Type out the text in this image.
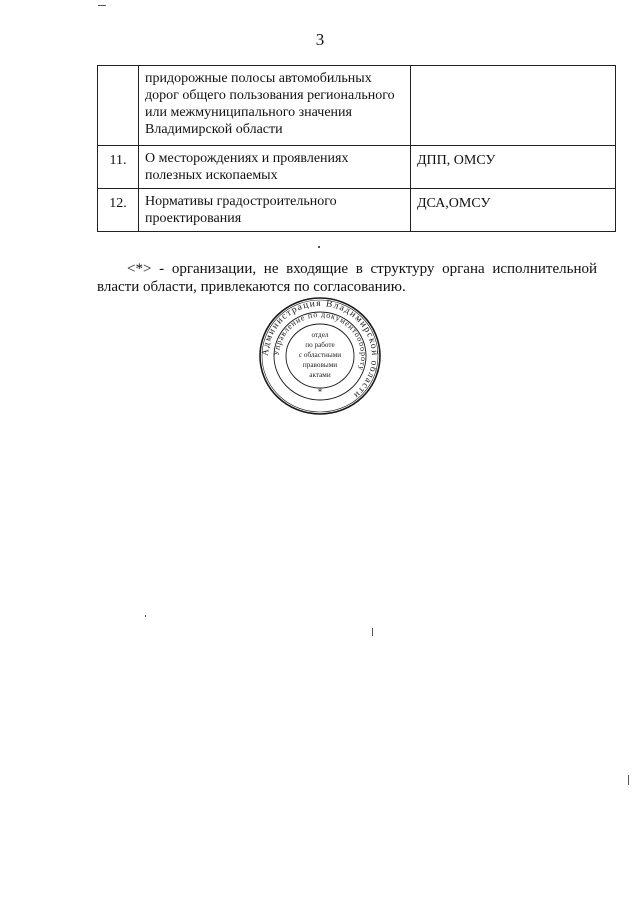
3
	придорожные полосы автомобильных дорог общего пользования регионального или межмуниципального значения Владимирской области	
11.	О месторождениях и проявлениях полезных ископаемых	ДПП, ОМСУ
12.	Нормативы градостроительного проектирования	ДСА,ОМСУ
<*> - организации, не входящие в структуру органа исполнительной власти области, привлекаются по согласованию.
Администрация Владимирской области
Управление по документообороту
отдел
по работе
с областными
правовыми
актами
*
